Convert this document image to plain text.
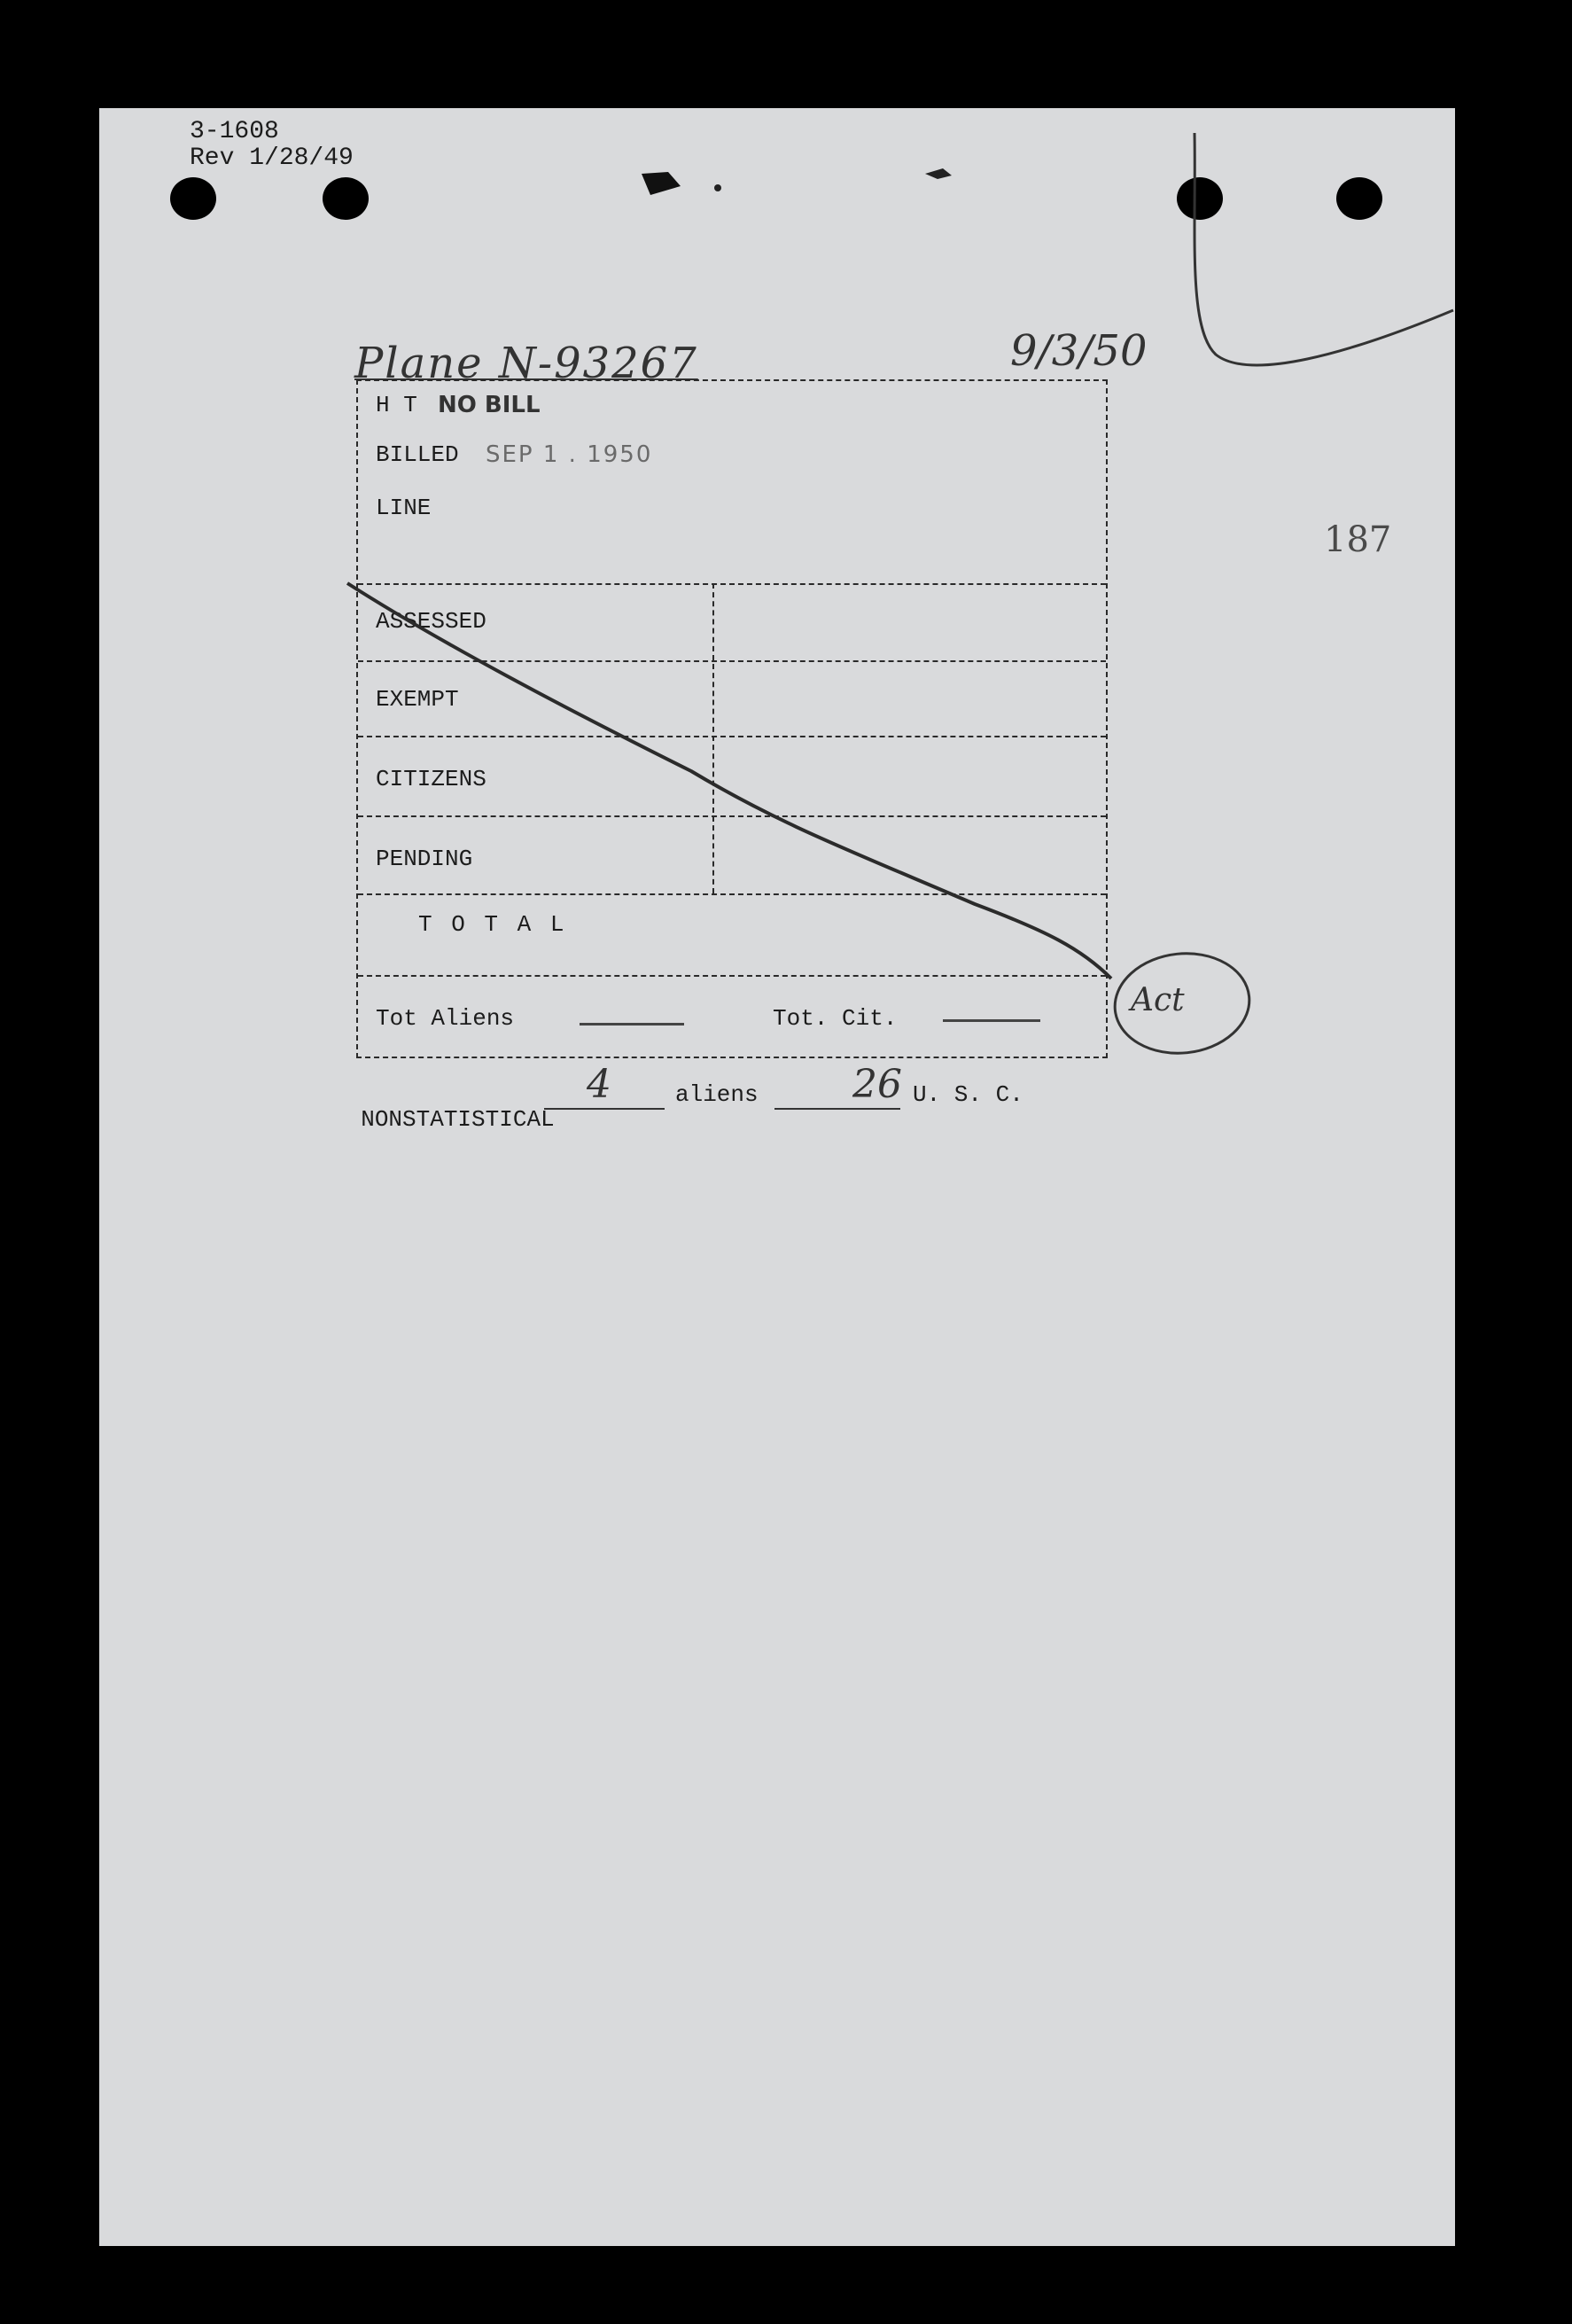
3-1608
Rev 1/28/49
Plane N-93267	9/3/50
187
H T NO BILL
BILLED SEP 1 . 1950
LINE
ASSESSED
EXEMPT
CITIZENS
PENDING
T O T A L
Tot Aliens	Tot. Cit.

NONSTATISTICAL

4	aliens 26 U. S. C.
Act
